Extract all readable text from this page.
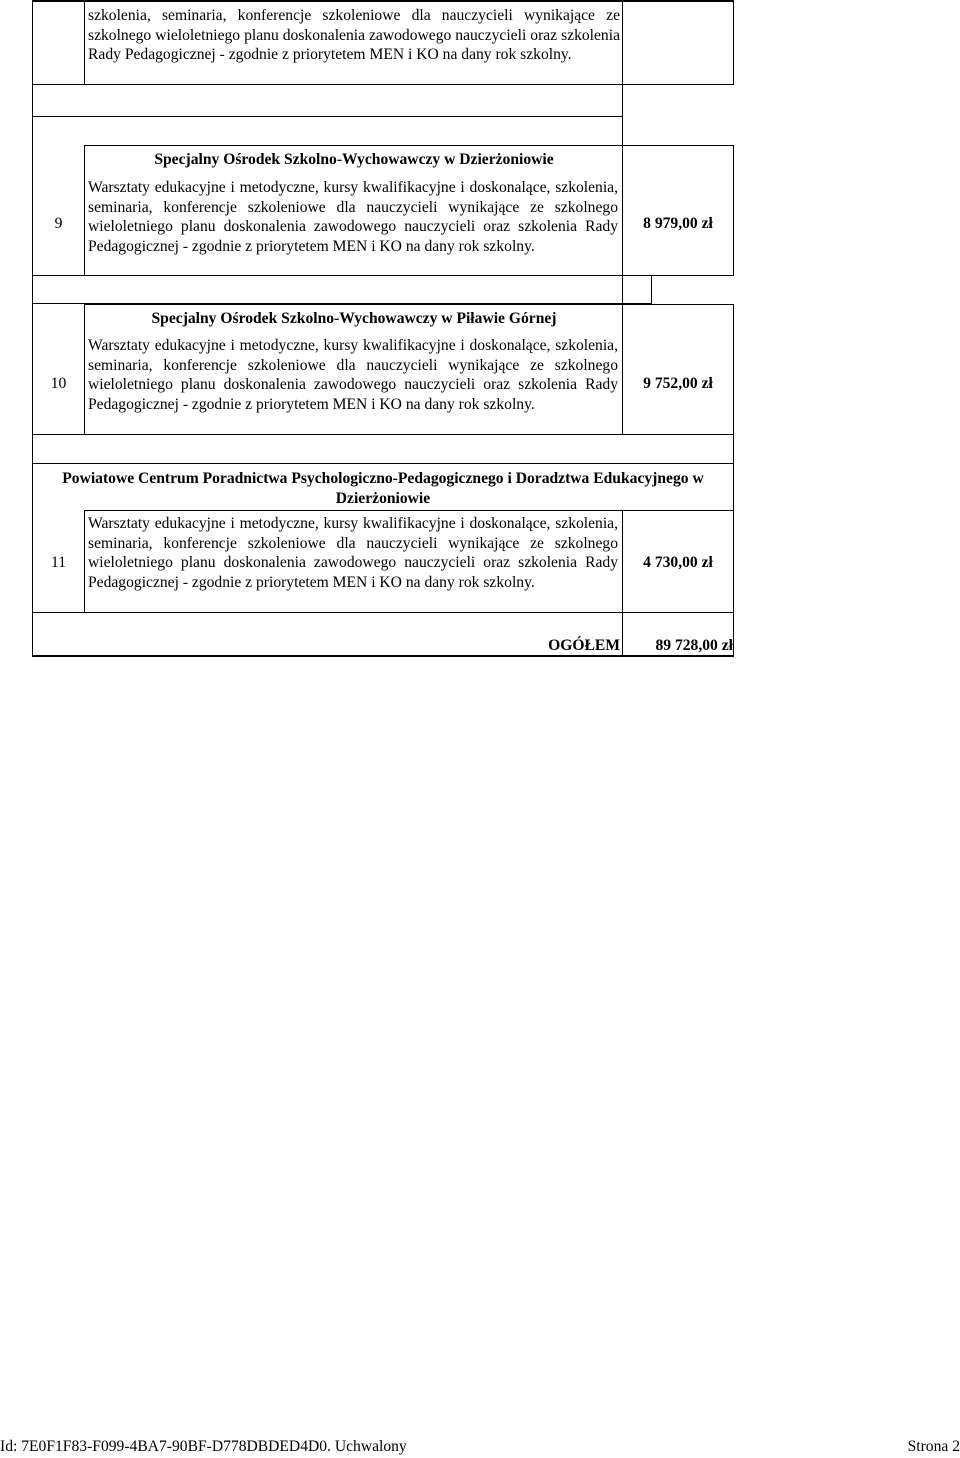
szkolenia, seminaria, konferencje szkoleniowe dla nauczycieli wynikające ze szkolnego wieloletniego planu doskonalenia zawodowego nauczycieli oraz szkolenia Rady Pedagogicznej - zgodnie z priorytetem MEN i KO na dany rok szkolny.

9

Specjalny Ośrodek Szkolno-Wychowawczy w Dzierżoniowie

Warsztaty edukacyjne i metodyczne, kursy kwalifikacyjne i doskonalące, szkolenia, seminaria, konferencje szkoleniowe dla nauczycieli wynikające ze szkolnego wieloletniego planu doskonalenia zawodowego nauczycieli oraz szkolenia Rady Pedagogicznej - zgodnie z priorytetem MEN i KO na dany rok szkolny.

8 979,00 zł
10

Specjalny Ośrodek Szkolno-Wychowawczy w Piławie Górnej

Warsztaty edukacyjne i metodyczne, kursy kwalifikacyjne i doskonalące, szkolenia, seminaria, konferencje szkoleniowe dla nauczycieli wynikające ze szkolnego wieloletniego planu doskonalenia zawodowego nauczycieli oraz szkolenia Rady Pedagogicznej - zgodnie z priorytetem MEN i KO na dany rok szkolny.

9 752,00 zł

Powiatowe Centrum Poradnictwa Psychologiczno-Pedagogicznego i Doradztwa Edukacyjnego w Dzierżoniowie

11

Warsztaty edukacyjne i metodyczne, kursy kwalifikacyjne i doskonalące, szkolenia, seminaria, konferencje szkoleniowe dla nauczycieli wynikające ze szkolnego wieloletniego planu doskonalenia zawodowego nauczycieli oraz szkolenia Rady Pedagogicznej - zgodnie z priorytetem MEN i KO na dany rok szkolny.

4 730,00 zł
OGÓŁEM	89 728,00 zł
Id: 7E0F1F83-F099-4BA7-90BF-D778DBDED4D0. Uchwalony	Strona 2
